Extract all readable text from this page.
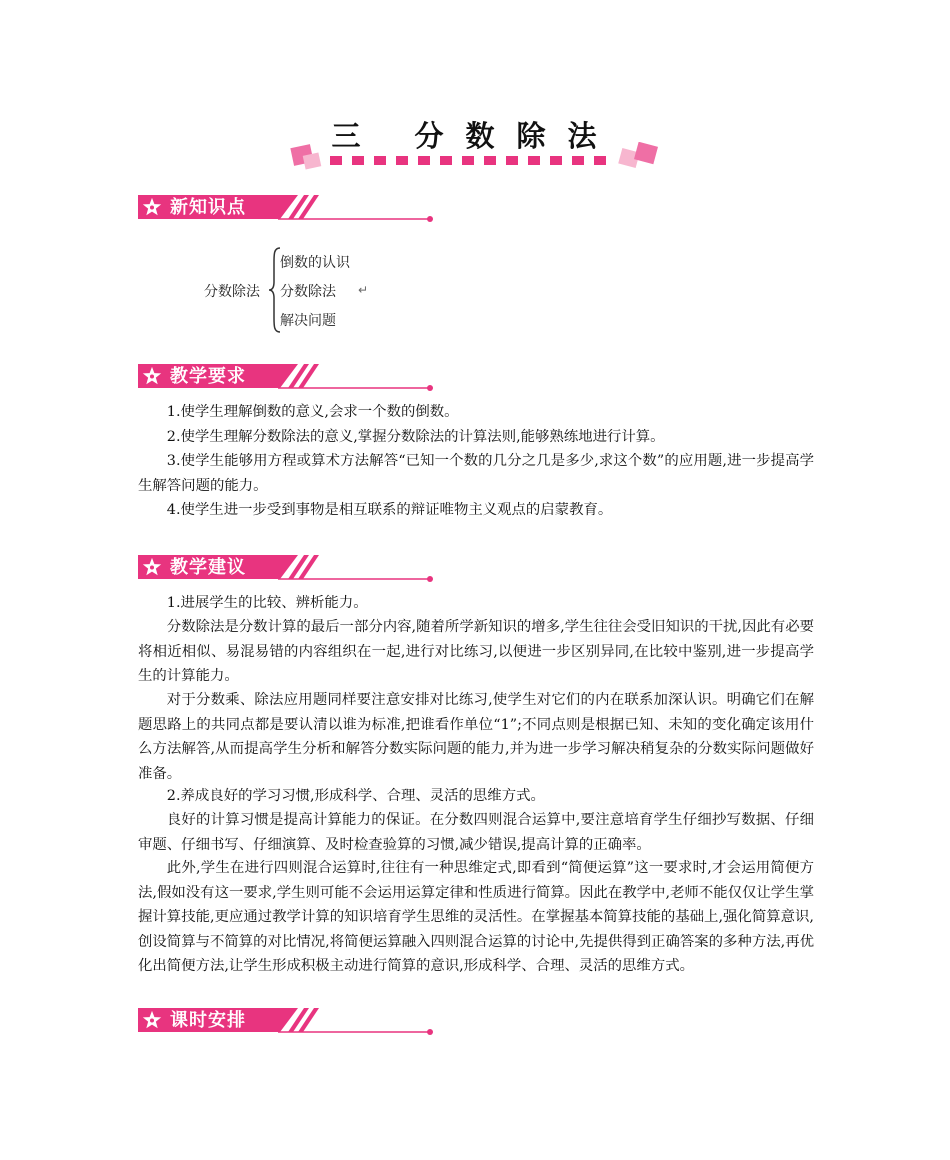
三 分数除法
新知识点
分数除法
倒数的认识
分数除法
解决问题
↵
教学要求

1.使学生理解倒数的意义,会求一个数的倒数。

2.使学生理解分数除法的意义,掌握分数除法的计算法则,能够熟练地进行计算。

3.使学生能够用方程或算术方法解答“已知一个数的几分之几是多少,求这个数”的应用题,进一步提高学生解答问题的能力。

4.使学生进一步受到事物是相互联系的辩证唯物主义观点的启蒙教育。

教学建议

1.进展学生的比较、辨析能力。

分数除法是分数计算的最后一部分内容,随着所学新知识的增多,学生往往会受旧知识的干扰,因此有必要将相近相似、易混易错的内容组织在一起,进行对比练习,以便进一步区别异同,在比较中鉴别,进一步提高学生的计算能力。

对于分数乘、除法应用题同样要注意安排对比练习,使学生对它们的内在联系加深认识。明确它们在解题思路上的共同点都是要认清以谁为标准,把谁看作单位“1”;不同点则是根据已知、未知的变化确定该用什么方法解答,从而提高学生分析和解答分数实际问题的能力,并为进一步学习解决稍复杂的分数实际问题做好准备。

2.养成良好的学习习惯,形成科学、合理、灵活的思维方式。

良好的计算习惯是提高计算能力的保证。在分数四则混合运算中,要注意培育学生仔细抄写数据、仔细审题、仔细书写、仔细演算、及时检查验算的习惯,减少错误,提高计算的正确率。

此外,学生在进行四则混合运算时,往往有一种思维定式,即看到“简便运算”这一要求时,才会运用简便方法,假如没有这一要求,学生则可能不会运用运算定律和性质进行简算。因此在教学中,老师不能仅仅让学生掌握计算技能,更应通过教学计算的知识培育学生思维的灵活性。在掌握基本简算技能的基础上,强化简算意识,创设简算与不简算的对比情况,将简便运算融入四则混合运算的讨论中,先提供得到正确答案的多种方法,再优化出简便方法,让学生形成积极主动进行简算的意识,形成科学、合理、灵活的思维方式。

课时安排
